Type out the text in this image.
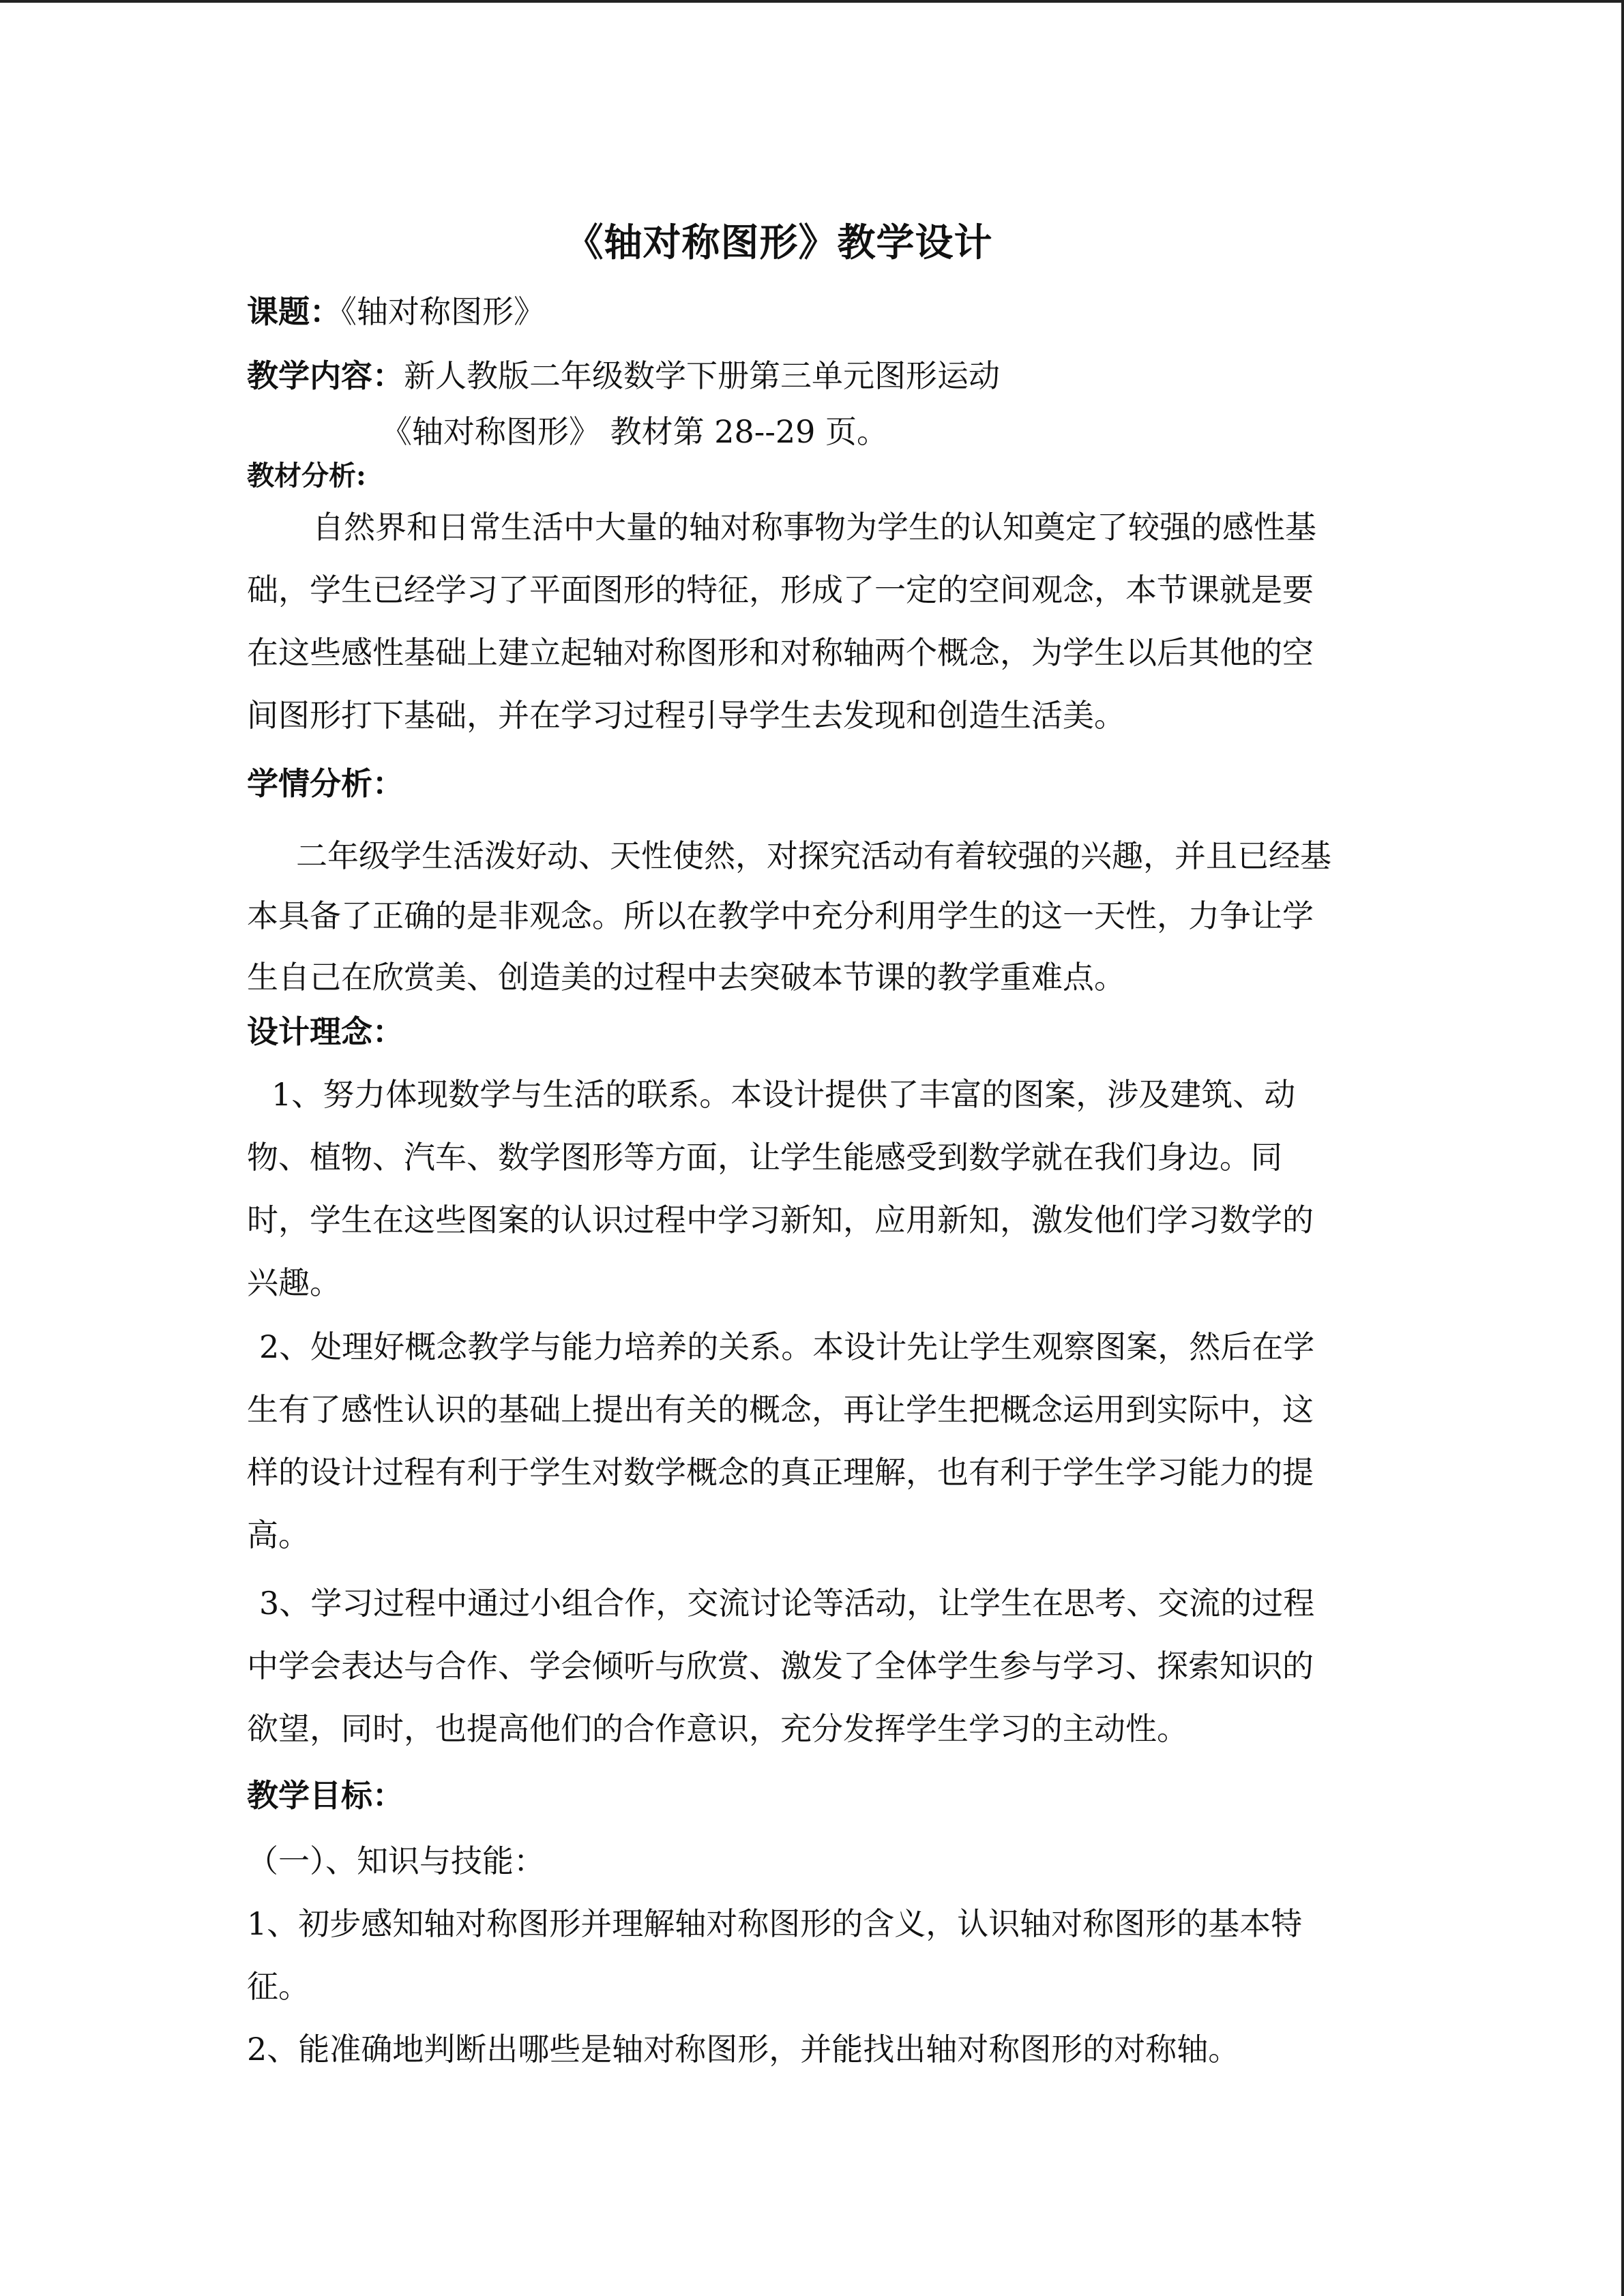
《轴对称图形》教学设计
课题：《轴对称图形》
教学内容：新人教版二年级数学下册第三单元图形运动
《轴对称图形》 教材第 28--29 页。
教材分析:
自然界和日常生活中大量的轴对称事物为学生的认知奠定了较强的感性基
础，学生已经学习了平面图形的特征，形成了一定的空间观念，本节课就是要
在这些感性基础上建立起轴对称图形和对称轴两个概念，为学生以后其他的空
间图形打下基础，并在学习过程引导学生去发现和创造生活美。
学情分析：
二年级学生活泼好动、天性使然，对探究活动有着较强的兴趣，并且已经基
本具备了正确的是非观念。所以在教学中充分利用学生的这一天性，力争让学
生自己在欣赏美、创造美的过程中去突破本节课的教学重难点。
设计理念：
1、努力体现数学与生活的联系。本设计提供了丰富的图案，涉及建筑、动
物、植物、汽车、数学图形等方面，让学生能感受到数学就在我们身边。同
时，学生在这些图案的认识过程中学习新知，应用新知，激发他们学习数学的
兴趣。
2、处理好概念教学与能力培养的关系。本设计先让学生观察图案，然后在学
生有了感性认识的基础上提出有关的概念，再让学生把概念运用到实际中，这
样的设计过程有利于学生对数学概念的真正理解，也有利于学生学习能力的提
高。
3、学习过程中通过小组合作，交流讨论等活动，让学生在思考、交流的过程
中学会表达与合作、学会倾听与欣赏、激发了全体学生参与学习、探索知识的
欲望，同时，也提高他们的合作意识，充分发挥学生学习的主动性。
教学目标：
（一）、知识与技能：
1、初步感知轴对称图形并理解轴对称图形的含义，认识轴对称图形的基本特
征。
2、能准确地判断出哪些是轴对称图形，并能找出轴对称图形的对称轴。
